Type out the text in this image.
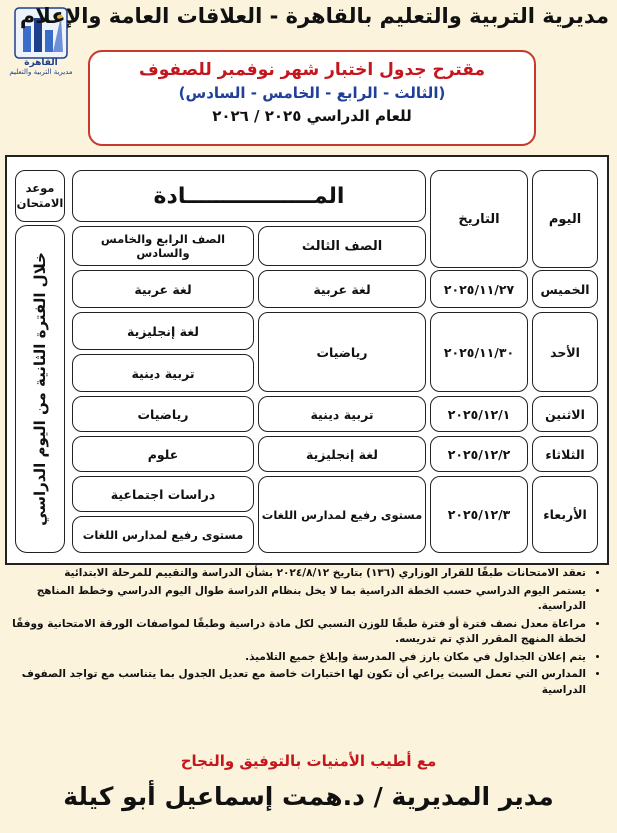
القاهرة
مديرية التربية والتعليم
مديرية التربية والتعليم بالقاهرة - العلاقات العامة والإعلام
مقترح جدول اختبار شهر نوفمبر للصفوف
(الثالث - الرابع - الخامس - السادس)
للعام الدراسي ٢٠٢٥ / ٢٠٢٦
اليوم
التاريخ
المـــــــــــــــــادة
الصف الثالث
الصف الرابع والخامس والسادس
موعد الامتحان
خلال الفترة الثانية من اليوم الدراسي	الخميس
٢٠٢٥/١١/٢٧
لغة عربية
لغة عربية
الأحد
٢٠٢٥/١١/٣٠
رياضيات
لغة إنجليزية
تربية دينية
الاثنين
٢٠٢٥/١٢/١
تربية دينية
رياضيات
الثلاثاء
٢٠٢٥/١٢/٢
لغة إنجليزية
علوم
الأربعاء
٢٠٢٥/١٢/٣
مستوى رفيع لمدارس اللغات
دراسات اجتماعية
مستوى رفيع لمدارس اللغات
• تعقد الامتحانات طبقًا للقرار الوزاري (١٣٦) بتاريخ ٢٠٢٤/٨/١٢ بشأن الدراسة والتقييم للمرحلة الابتدائية
• يستمر اليوم الدراسي حسب الخطة الدراسية بما لا يخل بنظام الدراسة طوال اليوم الدراسي وخطط المناهج الدراسية.
• مراعاة معدل نصف فترة أو فترة طبقًا للوزن النسبي لكل مادة دراسية وطبقًا لمواصفات الورقة الامتحانية ووفقًا لخطة المنهج المقرر الذي تم تدريسه.
• يتم إعلان الجداول في مكان بارز في المدرسة وإبلاغ جميع التلاميذ.
• المدارس التي تعمل السبت يراعي أن تكون لها اختبارات خاصة مع تعديل الجدول بما يتناسب مع تواجد الصفوف الدراسية
مع أطيب الأمنيات بالتوفيق والنجاح
مدير المديرية / د.همت إسماعيل أبو كيلة
